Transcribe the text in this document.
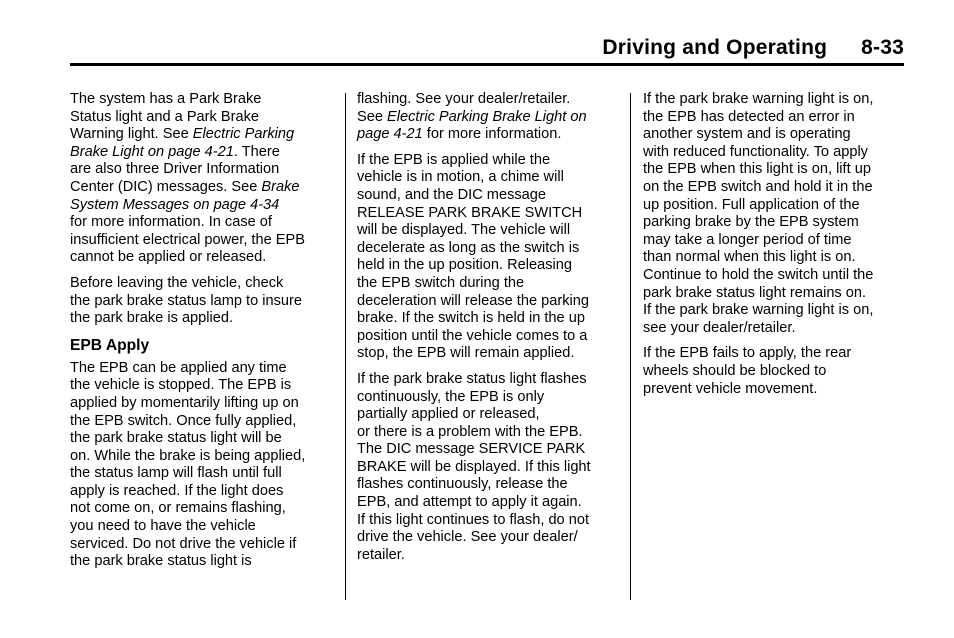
Driving and Operating 8-33

The system has a Park Brake
Status light and a Park Brake
Warning light. See Electric Parking
Brake Light on page 4-21. There
are also three Driver Information
Center (DIC) messages. See Brake
System Messages on page 4-34
for more information. In case of
insufficient electrical power, the EPB
cannot be applied or released.

Before leaving the vehicle, check
the park brake status lamp to insure
the park brake is applied.

EPB Apply

The EPB can be applied any time
the vehicle is stopped. The EPB is
applied by momentarily lifting up on
the EPB switch. Once fully applied,
the park brake status light will be
on. While the brake is being applied,
the status lamp will flash until full
apply is reached. If the light does
not come on, or remains flashing,
you need to have the vehicle
serviced. Do not drive the vehicle if
the park brake status light is

flashing. See your dealer/retailer.
See Electric Parking Brake Light on
page 4-21 for more information.

If the EPB is applied while the
vehicle is in motion, a chime will
sound, and the DIC message
RELEASE PARK BRAKE SWITCH
will be displayed. The vehicle will
decelerate as long as the switch is
held in the up position. Releasing
the EPB switch during the
deceleration will release the parking
brake. If the switch is held in the up
position until the vehicle comes to a
stop, the EPB will remain applied.

If the park brake status light flashes
continuously, the EPB is only
partially applied or released,
or there is a problem with the EPB.
The DIC message SERVICE PARK
BRAKE will be displayed. If this light
flashes continuously, release the
EPB, and attempt to apply it again.
If this light continues to flash, do not
drive the vehicle. See your dealer/
retailer.

If the park brake warning light is on,
the EPB has detected an error in
another system and is operating
with reduced functionality. To apply
the EPB when this light is on, lift up
on the EPB switch and hold it in the
up position. Full application of the
parking brake by the EPB system
may take a longer period of time
than normal when this light is on.
Continue to hold the switch until the
park brake status light remains on.
If the park brake warning light is on,
see your dealer/retailer.

If the EPB fails to apply, the rear
wheels should be blocked to
prevent vehicle movement.
